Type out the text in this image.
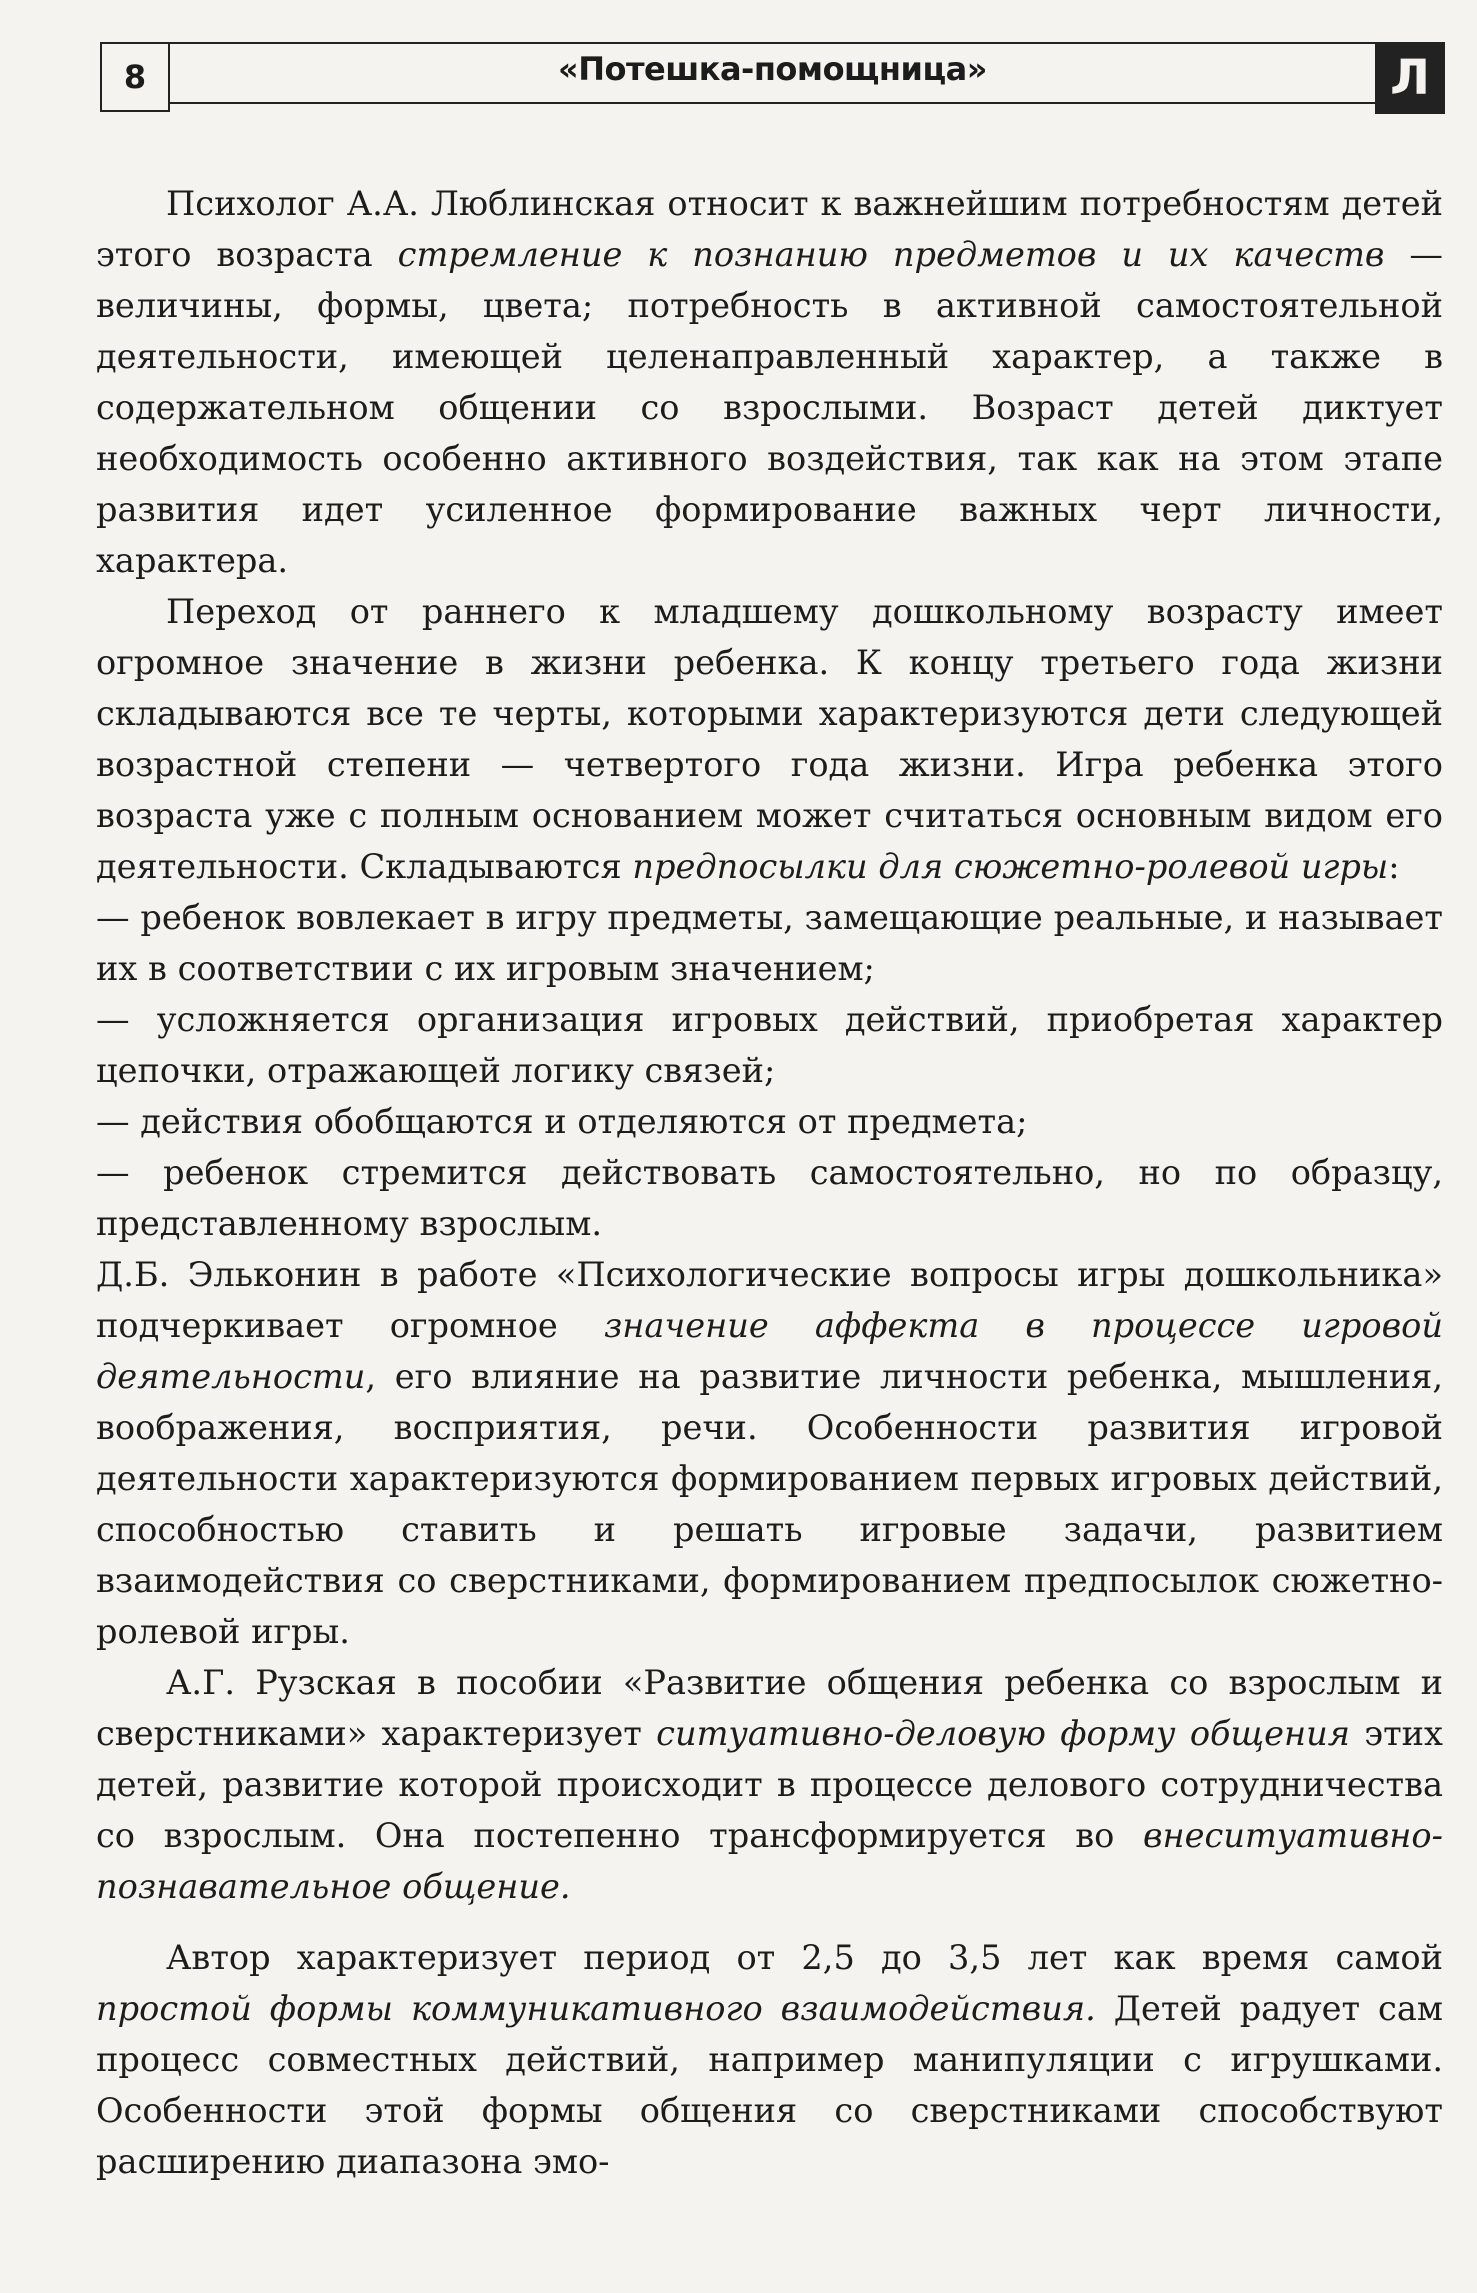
8	«Потешка-помощница»	Л

Психолог А.А. Люблинская относит к важнейшим потребностям детей этого возраста стремление к познанию предметов и их качеств — величины, формы, цвета; потребность в активной самостоятельной деятельности, имеющей целенаправленный характер, а также в содержательном общении со взрослыми. Возраст детей диктует необходимость особенно активного воздействия, так как на этом этапе развития идет усиленное формирование важных черт личности, характера.

Переход от раннего к младшему дошкольному возрасту имеет огромное значение в жизни ребенка. К концу третьего года жизни складываются все те черты, которыми характеризуются дети следующей возрастной степени — четвертого года жизни. Игра ребенка этого возраста уже с полным основанием может считаться основным видом его деятельности. Складываются предпосылки для сюжетно-ролевой игры:

— ребенок вовлекает в игру предметы, замещающие реальные, и называет их в соответствии с их игровым значением;

— усложняется организация игровых действий, приобретая характер цепочки, отражающей логику связей;

— действия обобщаются и отделяются от предмета;

— ребенок стремится действовать самостоятельно, но по образцу, представленному взрослым.

Д.Б. Эльконин в работе «Психологические вопросы игры дошкольника» подчеркивает огромное значение аффекта в процессе игровой деятельности, его влияние на развитие личности ребенка, мышления, воображения, восприятия, речи. Особенности развития игровой деятельности характеризуются формированием первых игровых действий, способностью ставить и решать игровые задачи, развитием взаимодействия со сверстниками, формированием предпосылок сюжетно-ролевой игры.

А.Г. Рузская в пособии «Развитие общения ребенка со взрослым и сверстниками» характеризует ситуативно-деловую форму общения этих детей, развитие которой происходит в процессе делового сотрудничества со взрослым. Она постепенно трансформируется во внеситуативно-познавательное общение.

Автор характеризует период от 2,5 до 3,5 лет как время самой простой формы коммуникативного взаимодействия. Детей радует сам процесс совместных действий, например манипуляции с игрушками. Особенности этой формы общения со сверстниками способствуют расширению диапазона эмо-
